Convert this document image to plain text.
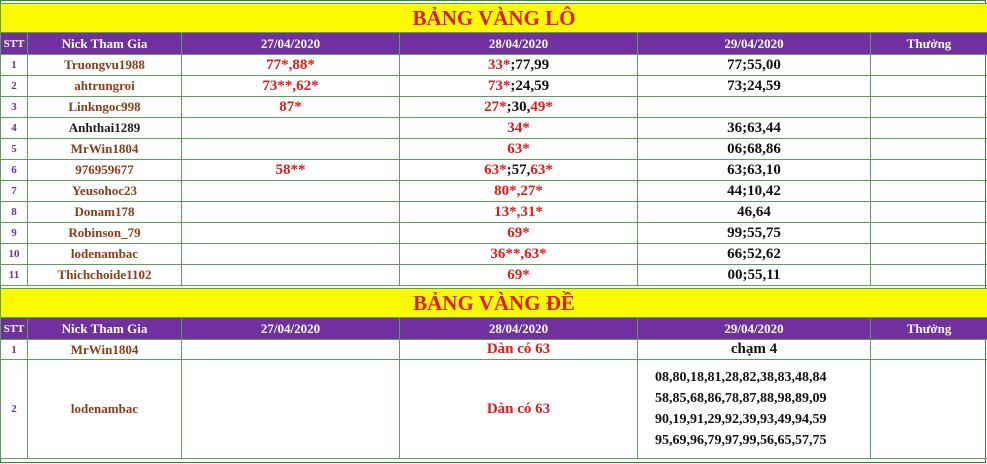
BẢNG VÀNG LÔ					
STT	Nick Tham Gia	27/04/2020	28/04/2020	29/04/2020	Thưởng
1	Truongvu1988	77*,88*	33*;77,99	77;55,00	
2	ahtrungroi	73**,62*	73*;24,59	73;24,59	
3	Linkngoc998	87*	27*;30,49*		
4	Anhthai1289		34*	36;63,44	
5	MrWin1804		63*	06;68,86	
6	976959677	58**	63*;57,63*	63;63,10	
7	Yeusohoc23		80*,27*	44;10,42	
8	Donam178		13*,31*	46,64	
9	Robinson_79		69*	99;55,75	
10	lodenambac		36**,63*	66;52,62	
11	Thichchoide1102		69*	00;55,11	
BẢNG VÀNG ĐỀ					
STT	Nick Tham Gia	27/04/2020	28/04/2020	29/04/2020	Thưởng
1	MrWin1804		Dàn có 63	chạm 4	
2	lodenambac		Dàn có 63	08,80,18,81,28,82,38,83,48,84
58,85,68,86,78,87,88,98,89,09
90,19,91,29,92,39,93,49,94,59
95,69,96,79,97,99,56,65,57,75	
